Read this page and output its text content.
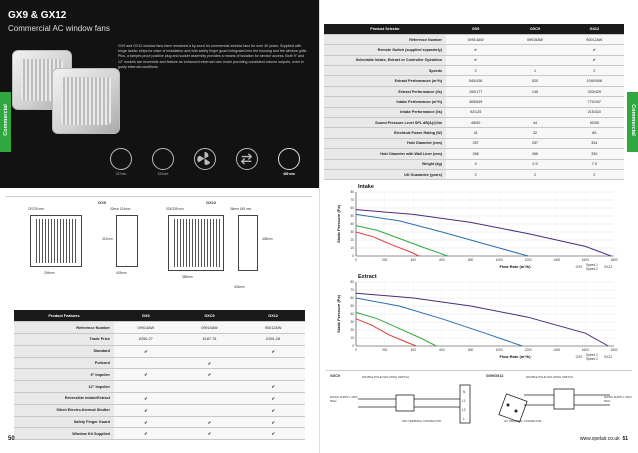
GX9 & GX12
Commercial AC window fans
GX9 and GX12 window fans have remained a by-word for commercial window fans for over 40 years. Supplied with hinge ladder strips for ease of installation and with safety finger guard integrated into the housing and the window grille. Plus, a tamper-proof positive plug and socket assembly provides a means of isolation for service access. Both 9" and 12" models are reversible and feature an enhanced external rotor motor providing consistent volume outputs, even in gusty external conditions.
Commercial
257mm	324mm	400 mm
GX9	GX12
257/28 mm
294mm
32mm 124mm
312mm
403mm
324/335 mm
385mm
36mm 168 mm
408mm
403mm
Product Features	GX9	GXC9	GX12
Reference Number	09914AW	09915AW	90012AW
Trade Price	£250.27	£187.76	£391.28
Standard	✔		✔
Pullcord		✔	
9" Impeller	✔	✔	
12" Impeller			✔
Reversible Intake/Extract	✔		✔
Silent Electro-thermal Shutter	✔		✔
Safety Finger Guard	✔	✔	✔
Window Kit Supplied	✔	✔	✔
50
Product Selector	GX9	GXC9	GX12
Reference Number	09914AW	09915AW	90012AW
Remote Switch (supplied separately)	✔		✔
Selectable Intake, Extract or Controller Operation	✔		✔
Speeds	2	1	2
Extract Performance (m³/h)	540/436	520	1090/546
Extract Performance (l/s)	150/177	145	303/429
Intake Performance (m³/h)	405/649		770/197
Intake Performance (l/s)	93/125		215/310
Sound Pressure Level SPL dB(A)@3m	48/50	44	50/55
Electrical Power Rating (W)	41	32	85
Hole Diameter (mm)	257	257	334
Hole Diameter with Wall Liner (mm)	266	266	330
Weight (kg)	4	2.9	7.9
UK Guarantee (years)	2	2	2
Commercial
Intake
0
10
20
30
40
50
60
70
80
0	200	400	600	800	1000	1200	1400	1600	1800
Static Pressure (Pa)
Flow Rate (m³/h)	GX9 Speed 1
Speed 2 GX12
Extract
0
10
20
30
40
50
60
70
80
0	200	400	600	800	1000	1200	1400	1600	1800
Static Pressure (Pa)
Flow Rate (m³/h)	GX9 Speed 1
Speed 2 GX12
GXC9	DOUBLE POLE ISOLATING SWITCH
MAINS SUPPLY 230V 50Hz
N
L1
L2
L
FAN TERMINAL CONNECTOR
GX9/GX12	DOUBLE POLE ISOLATING SWITCH
MAINS SUPPLY 230V 50Hz
GX TERMINAL CONNECTOR
www.xpelair.co.uk 51
